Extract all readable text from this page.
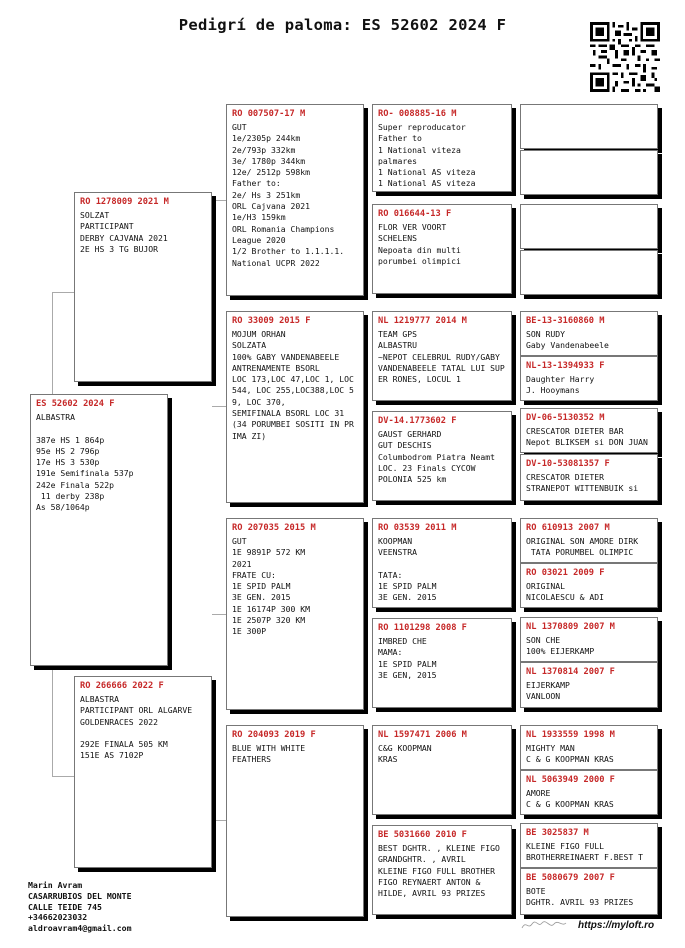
Pedigrí de paloma: ES 52602 2024 F
ES 52602 2024 F
ALBASTRA

387e HS 1 864p
95e HS 2 796p
17e HS 3 530p
191e Semifinala 537p
242e Finala 522p
11 derby 238p
As 58/1064p
RO 1278009 2021 M
SOLZAT
PARTICIPANT
DERBY CAJVANA 2021
2E HS 3 TG BUJOR
RO 266666 2022 F
ALBASTRA
PARTICIPANT ORL ALGARVE
GOLDENRACES 2022

292E FINALA 505 KM
151E AS 7102P
RO 007507-17 M
GUT
1e/2305p 244km
2e/793p 332km
3e/ 1780p 344km
12e/ 2512p 598km
Father to:
2e/ Hs 3 251km
ORL Cajvana 2021
1e/H3 159km
ORL Romania Champions
League 2020
1/2 Brother to 1.1.1.1.
National UCPR 2022
RO 33009 2015 F
MOJUM ORHAN
SOLZATA
100% GABY VANDENABEELE
ANTRENAMENTE BSORL
LOC 173,LOC 47,LOC 1, LOC 544, LOC 255,LOC388,LOC 59, LOC 370,
SEMIFINALA BSORL LOC 31
(34 PORUMBEI SOSITI IN PRIMA ZI)
RO 207035 2015 M
GUT
1E 9891P 572 KM
2021
FRATE CU:
1E SPID PALM
3E GEN. 2015
1E 16174P 300 KM
1E 2507P 320 KM
1E 300P
RO 204093 2019 F
BLUE WITH WHITE
FEATHERS
RO- 008885-16 M
Super reproducator
Father to
1 National viteza
palmares
1 National AS viteza
1 National AS viteza
RO 016644-13 F
FLOR VER VOORT
SCHELENS
Nepoata din multi
porumbei olimpici
NL 1219777 2014 M
TEAM GPS
ALBASTRU
~NEPOT CELEBRUL RUDY/GABY
VANDENABEELE TATAL LUI SUPER RONES, LOCUL 1
DV-14.1773602 F
GAUST GERHARD
GUT DESCHIS
Columbodrom Piatra Neamt
LOC. 23 Finals CYCOW
POLONIA 525 km
RO 03539 2011 M
KOOPMAN
VEENSTRA

TATA:
1E SPID PALM
3E GEN. 2015
RO 1101298 2008 F
IMBRED CHE
MAMA:
1E SPID PALM
3E GEN, 2015
NL 1597471 2006 M
C&G KOOPMAN
KRAS
BE 5031660 2010 F
BEST DGHTR. , KLEINE FIGO
GRANDGHTR. , AVRIL
KLEINE FIGO FULL BROTHER
FIGO REYNAERT ANTON &
HILDE, AVRIL 93 PRIZES
BE-13-3160860 M
SON RUDY
Gaby Vandenabeele
NL-13-1394933 F
Daughter Harry
J. Hooymans
DV-06-5130352 M
CRESCATOR DIETER BAR
Nepot BLIKSEM si DON JUAN
DV-10-53081357 F
CRESCATOR DIETER
STRANEPOT WITTENBUIK si
RO 610913 2007 M
ORIGINAL SON AMORE DIRK
TATA PORUMBEL OLIMPIC
RO 03021 2009 F
ORIGINAL
NICOLAESCU & ADI
NL 1370809 2007 M
SON CHE
100% EIJERKAMP
NL 1370814 2007 F
EIJERKAMP
VANLOON
NL 1933559 1998 M
MIGHTY MAN
C & G KOOPMAN KRAS
NL 5063949 2000 F
AMORE
C & G KOOPMAN KRAS
BE 3025837 M
KLEINE FIGO FULL
BROTHERREINAERT F.BEST T
BE 5080679 2007 F
BOTE
DGHTR. AVRIL 93 PRIZES
Marin Avram
CASARRUBIOS DEL MONTE
CALLE TEIDE 745
+34662023032
aldroavram4@gmail.com	https://myloft.ro
